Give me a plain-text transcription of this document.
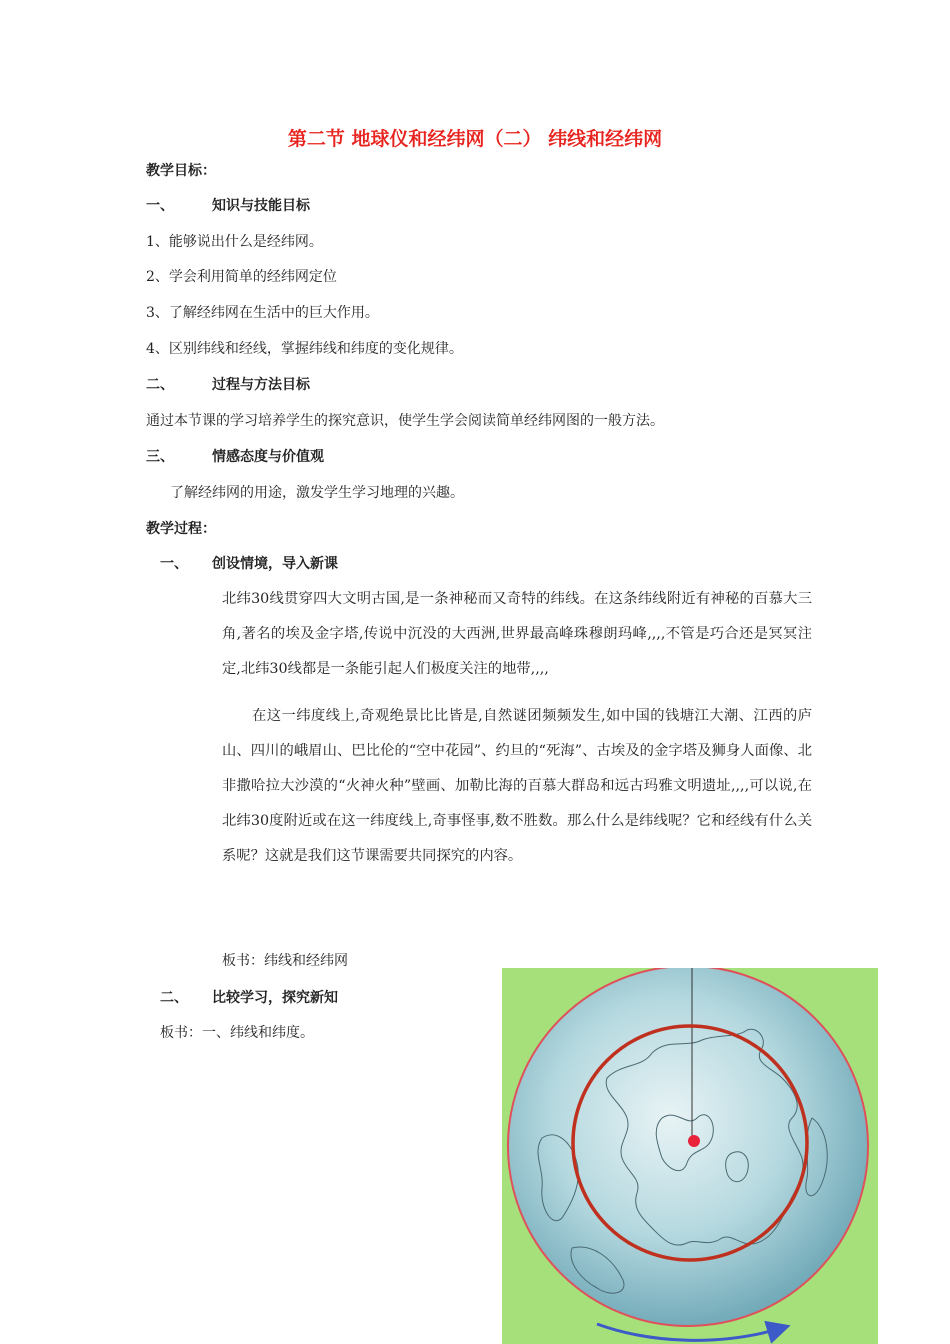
第二节 地球仪和经纬网（二） 纬线和经纬网
教学目标：
一、	知识与技能目标
1、能够说出什么是经纬网。
2、学会利用简单的经纬网定位
3、了解经纬网在生活中的巨大作用。
4、区别纬线和经线，掌握纬线和纬度的变化规律。
二、	过程与方法目标
通过本节课的学习培养学生的探究意识，使学生学会阅读简单经纬网图的一般方法。
三、	情感态度与价值观
了解经纬网的用途，激发学生学习地理的兴趣。
教学过程：
一、 创设情境，导入新课
北纬30线贯穿四大文明古国,是一条神秘而又奇特的纬线。在这条纬线附近有神秘的百慕大三角,著名的埃及金字塔,传说中沉没的大西洲,世界最高峰珠穆朗玛峰,,,,不管是巧合还是冥冥注定,北纬30线都是一条能引起人们极度关注的地带,,,,
在这一纬度线上,奇观绝景比比皆是,自然谜团频频发生,如中国的钱塘江大潮、江西的庐山、四川的峨眉山、巴比伦的“空中花园”、约旦的“死海”、古埃及的金字塔及狮身人面像、北非撒哈拉大沙漠的“火神火种”壁画、加勒比海的百慕大群岛和远古玛雅文明遗址,,,,可以说,在北纬30度附近或在这一纬度线上,奇事怪事,数不胜数。那么什么是纬线呢？它和经线有什么关系呢？这就是我们这节课需要共同探究的内容。
板书：纬线和经纬网
二、 比较学习，探究新知
板书：一、纬线和纬度。
